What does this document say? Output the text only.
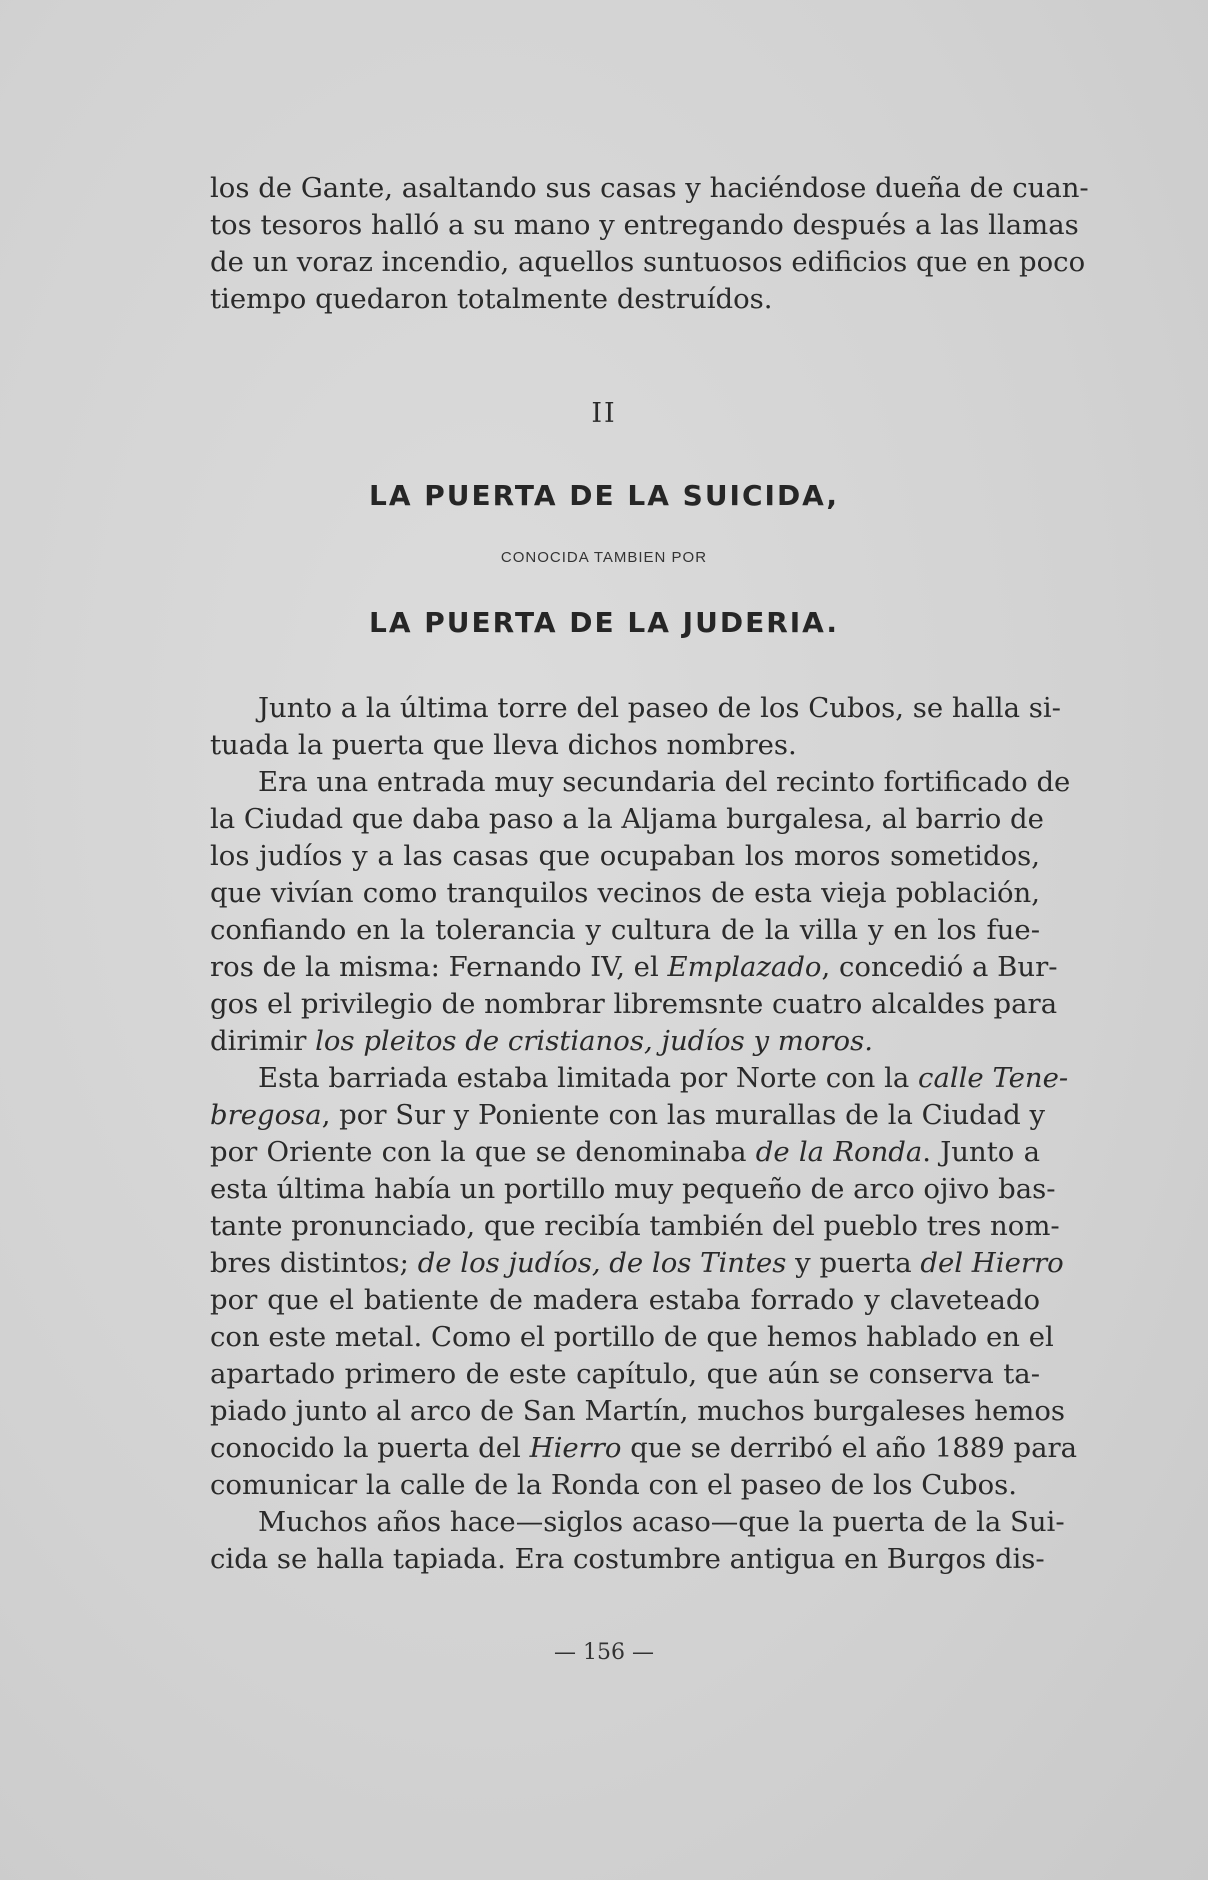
los de Gante, asaltando sus casas y haciéndose dueña de cuan-
tos tesoros halló a su mano y entregando después a las llamas
de un voraz incendio, aquellos suntuosos edificios que en poco
tiempo quedaron totalmente destruídos.
II
LA PUERTA DE LA SUICIDA,
CONOCIDA TAMBIEN POR
LA PUERTA DE LA JUDERIA.
Junto a la última torre del paseo de los Cubos, se halla si-
tuada la puerta que lleva dichos nombres.
Era una entrada muy secundaria del recinto fortificado de
la Ciudad que daba paso a la Aljama burgalesa, al barrio de
los judíos y a las casas que ocupaban los moros sometidos,
que vivían como tranquilos vecinos de esta vieja población,
confiando en la tolerancia y cultura de la villa y en los fue-
ros de la misma: Fernando IV, el Emplazado, concedió a Bur-
gos el privilegio de nombrar libremsnte cuatro alcaldes para
dirimir los pleitos de cristianos, judíos y moros.
Esta barriada estaba limitada por Norte con la calle Tene-
bregosa, por Sur y Poniente con las murallas de la Ciudad y
por Oriente con la que se denominaba de la Ronda. Junto a
esta última había un portillo muy pequeño de arco ojivo bas-
tante pronunciado, que recibía también del pueblo tres nom-
bres distintos; de los judíos, de los Tintes y puerta del Hierro
por que el batiente de madera estaba forrado y claveteado
con este metal. Como el portillo de que hemos hablado en el
apartado primero de este capítulo, que aún se conserva ta-
piado junto al arco de San Martín, muchos burgaleses hemos
conocido la puerta del Hierro que se derribó el año 1889 para
comunicar la calle de la Ronda con el paseo de los Cubos.
Muchos años hace—siglos acaso—que la puerta de la Sui-
cida se halla tapiada. Era costumbre antigua en Burgos dis-
— 156 —
